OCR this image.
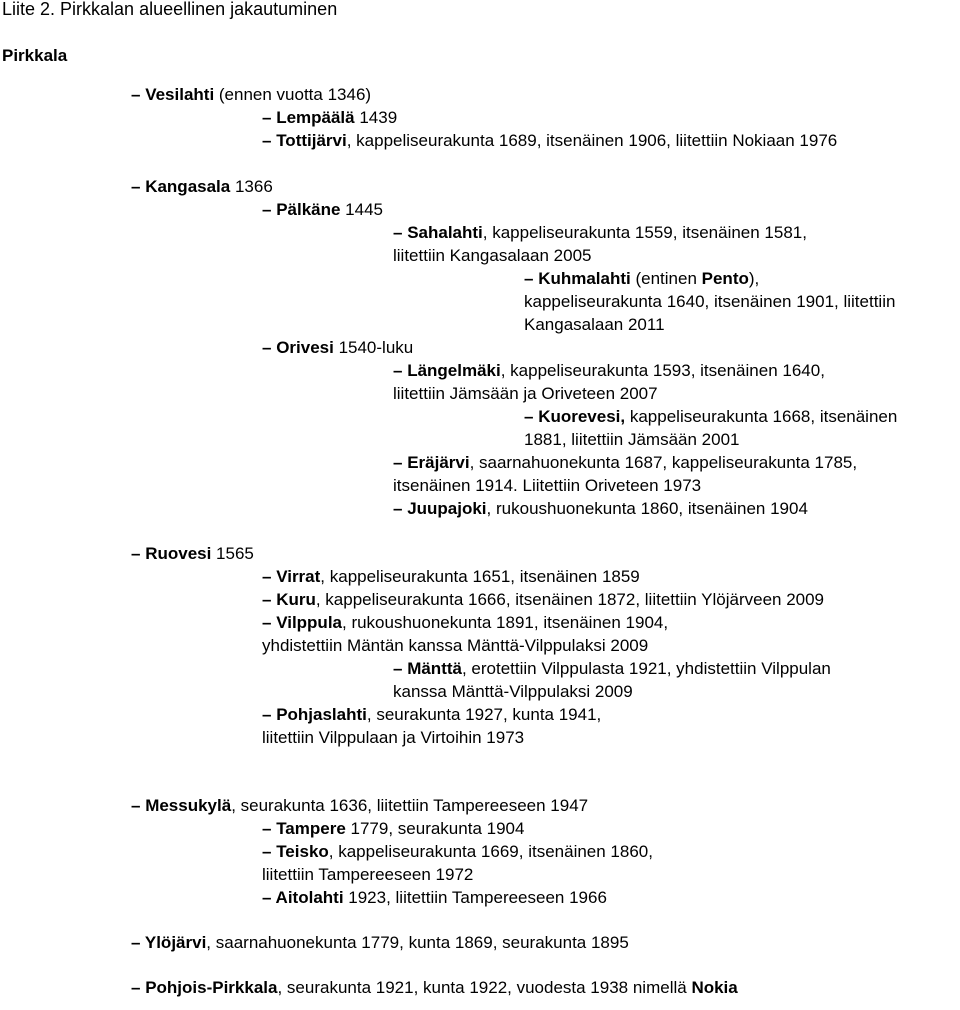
Liite 2. Pirkkalan alueellinen jakautuminen
Pirkkala
– Vesilahti (ennen vuotta 1346)
– Lempäälä 1439
– Tottijärvi, kappeliseurakunta 1689, itsenäinen 1906, liitettiin Nokiaan 1976
– Kangasala 1366
– Pälkäne 1445
– Sahalahti, kappeliseurakunta 1559, itsenäinen 1581,
liitettiin Kangasalaan 2005
– Kuhmalahti (entinen Pento),
kappeliseurakunta 1640, itsenäinen 1901, liitettiin
Kangasalaan 2011
– Orivesi 1540-luku
– Längelmäki, kappeliseurakunta 1593, itsenäinen 1640,
liitettiin Jämsään ja Oriveteen 2007
– Kuorevesi, kappeliseurakunta 1668, itsenäinen
1881, liitettiin Jämsään 2001
– Eräjärvi, saarnahuonekunta 1687, kappeliseurakunta 1785,
itsenäinen 1914. Liitettiin Oriveteen 1973
– Juupajoki, rukoushuonekunta 1860, itsenäinen 1904
– Ruovesi 1565
– Virrat, kappeliseurakunta 1651, itsenäinen 1859
– Kuru, kappeliseurakunta 1666, itsenäinen 1872, liitettiin Ylöjärveen 2009
– Vilppula, rukoushuonekunta 1891, itsenäinen 1904,
yhdistettiin Mäntän kanssa Mänttä-Vilppulaksi 2009
– Mänttä, erotettiin Vilppulasta 1921, yhdistettiin Vilppulan
kanssa Mänttä-Vilppulaksi 2009
– Pohjaslahti, seurakunta 1927, kunta 1941,
liitettiin Vilppulaan ja Virtoihin 1973
– Messukylä, seurakunta 1636, liitettiin Tampereeseen 1947
– Tampere 1779, seurakunta 1904
– Teisko, kappeliseurakunta 1669, itsenäinen 1860,
liitettiin Tampereeseen 1972
– Aitolahti 1923, liitettiin Tampereeseen 1966
– Ylöjärvi, saarnahuonekunta 1779, kunta 1869, seurakunta 1895
– Pohjois-Pirkkala, seurakunta 1921, kunta 1922, vuodesta 1938 nimellä Nokia
